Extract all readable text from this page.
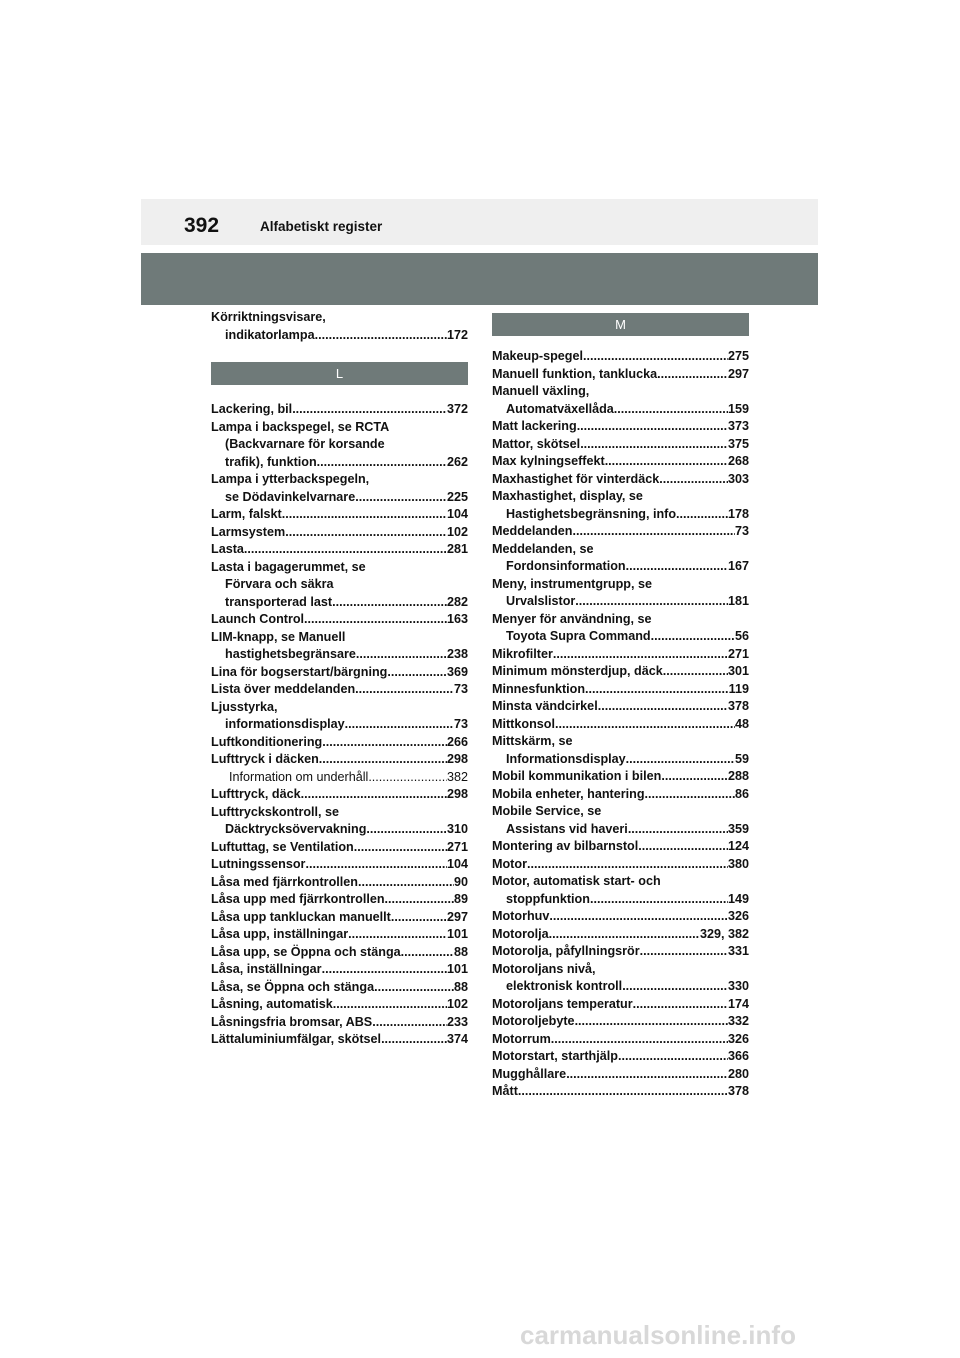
392	Alfabetiskt register
Körriktningsvisare,
indikatorlampa .....	172
L
Lackering, bil .....	372
Lampa i backspegel, se RCTA
(Backvarnare för korsande
trafik), funktion .....	262
Lampa i ytterbackspegeln,
se Dödavinkelvarnare .....	225
Larm, falskt .....	104
Larmsystem .....	102
Lasta .....	281
Lasta i bagagerummet, se
Förvara och säkra
transporterad last .....	282
Launch Control .....	163
LIM-knapp, se Manuell
hastighetsbegränsare .....	238
Lina för bogserstart/bärgning .....	369
Lista över meddelanden .....	73
Ljusstyrka,
informationsdisplay .....	73
Luftkonditionering .....	266
Lufttryck i däcken .....	298
Information om underhåll .....	382
Lufttryck, däck .....	298
Lufttryckskontroll, se
Däcktrycksövervakning .....	310
Luftuttag, se Ventilation .....	271
Lutningssensor .....	104
Låsa med fjärrkontrollen .....	90
Låsa upp med fjärrkontrollen .....	89
Låsa upp tankluckan manuellt .....	297
Låsa upp, inställningar .....	101
Låsa upp, se Öppna och stänga .....	88
Låsa, inställningar .....	101
Låsa, se Öppna och stänga .....	88
Låsning, automatisk .....	102
Låsningsfria bromsar, ABS .....	233
Lättaluminiumfälgar, skötsel .....	374
M
Makeup-spegel .....	275
Manuell funktion, tanklucka .....	297
Manuell växling,
Automatväxellåda .....	159
Matt lackering .....	373
Mattor, skötsel .....	375
Max kylningseffekt .....	268
Maxhastighet för vinterdäck .....	303
Maxhastighet, display, se
Hastighetsbegränsning, info .....	178
Meddelanden .....	73
Meddelanden, se
Fordonsinformation .....	167
Meny, instrumentgrupp, se
Urvalslistor .....	181
Menyer för användning, se
Toyota Supra Command .....	56
Mikrofilter .....	271
Minimum mönsterdjup, däck .....	301
Minnesfunktion .....	119
Minsta vändcirkel .....	378
Mittkonsol .....	48
Mittskärm, se
Informationsdisplay .....	59
Mobil kommunikation i bilen .....	288
Mobila enheter, hantering .....	86
Mobile Service, se
Assistans vid haveri .....	359
Montering av bilbarnstol .....	124
Motor .....	380
Motor, automatisk start- och
stoppfunktion .....	149
Motorhuv .....	326
Motorolja .....	329, 382
Motorolja, påfyllningsrör .....	331
Motoroljans nivå,
elektronisk kontroll .....	330
Motoroljans temperatur .....	174
Motoroljebyte .....	332
Motorrum .....	326
Motorstart, starthjälp .....	366
Mugghållare .....	280
Mått .....	378
carmanualsonline.info
